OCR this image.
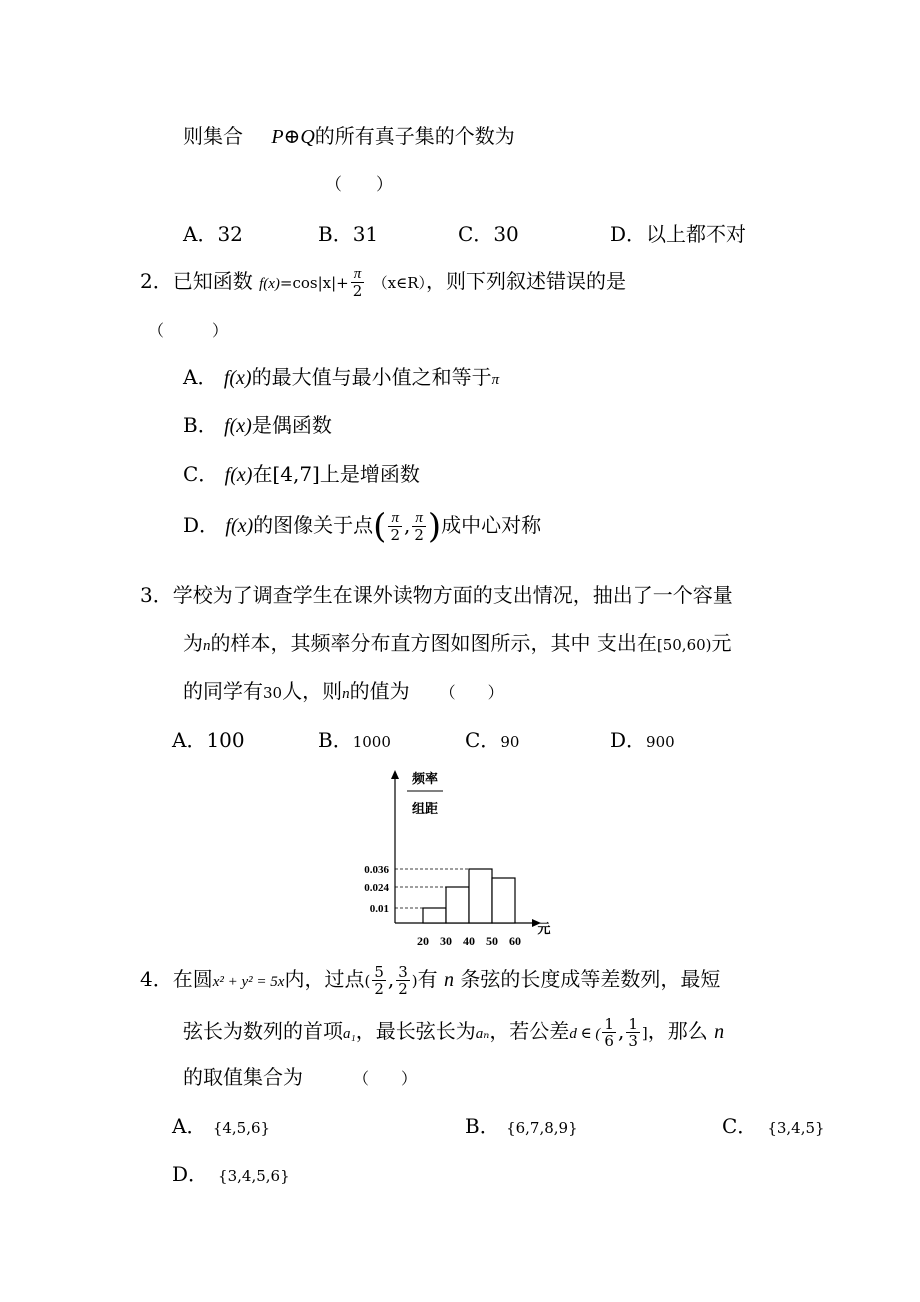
则集合 P⊕Q的所有真子集的个数为
（　　）
A．32	B．31	C．30	D．以上都不对
2．已知函数 $f(x)=\cos|x|+ \frac{\pi}{2}$ （x∈R），则下列叙述错误的是
（　　　）
A． f(x)的最大值与最小值之和等于π
B． f(x)是偶函数
C． f(x)在[4,7]上是增函数
D． f(x)的图像关于点( $\frac{\pi}{2}$ , $\frac{\pi}{2}$ )成中心对称
3．学校为了调查学生在课外读物方面的支出情况，抽出了一个容量
为n的样本，其频率分布直方图如图所示，其中 支出在[50,60)元
的同学有30人，则n的值为 （　　）
A．100	B．1000	C．90	D．900
频率
组距
元
0.036
0.024
0.01
20 30 40 50 60
4．在圆x² + y² = 5x内，过点( $\frac{5}{2}$ , $\frac{3}{2}$ )有 n 条弦的长度成等差数列，最短
弦长为数列的首项a₁，最长弦长为aₙ，若公差d ∈ ( $\frac{1}{6}$ , $\frac{1}{3}$ ]，那么 n
的取值集合为	（　　）
A． {4,5,6}	B． {6,7,8,9}	C．　 {3,4,5}
D．　 {3,4,5,6}
